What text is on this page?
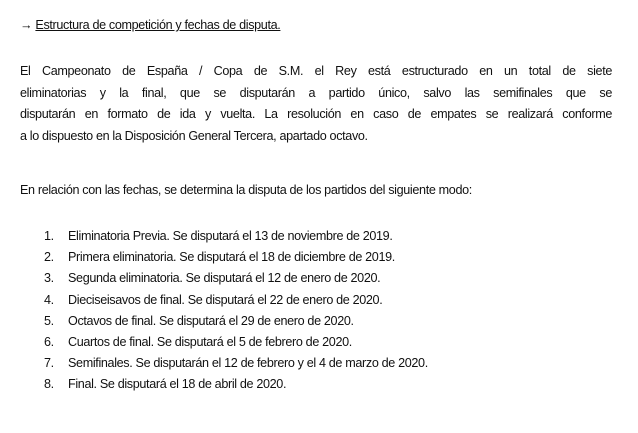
→ Estructura de competición y fechas de disputa.
El Campeonato de España / Copa de S.M. el Rey está estructurado en un total de siete
eliminatorias y la final, que se disputarán a partido único, salvo las semifinales que se
disputarán en formato de ida y vuelta. La resolución en caso de empates se realizará conforme
a lo dispuesto en la Disposición General Tercera, apartado octavo.
En relación con las fechas, se determina la disputa de los partidos del siguiente modo:
1. Eliminatoria Previa. Se disputará el 13 de noviembre de 2019.
2. Primera eliminatoria. Se disputará el 18 de diciembre de 2019.
3. Segunda eliminatoria. Se disputará el 12 de enero de 2020.
4. Dieciseisavos de final. Se disputará el 22 de enero de 2020.
5. Octavos de final. Se disputará el 29 de enero de 2020.
6. Cuartos de final. Se disputará el 5 de febrero de 2020.
7. Semifinales. Se disputarán el 12 de febrero y el 4 de marzo de 2020.
8. Final. Se disputará el 18 de abril de 2020.
